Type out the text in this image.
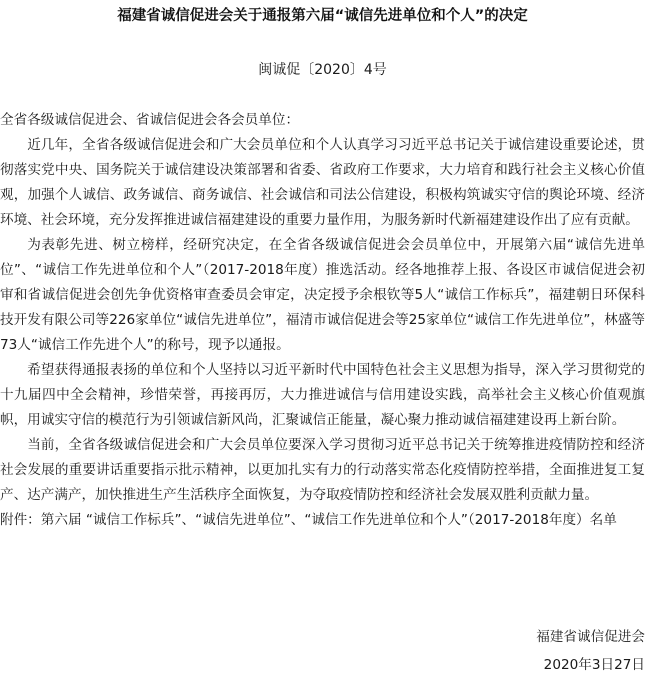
福建省诚信促进会关于通报第六届“诚信先进单位和个人”的决定
闽诚促〔2020〕4号

全省各级诚信促进会、省诚信促进会各会员单位：

近几年，全省各级诚信促进会和广大会员单位和个人认真学习习近平总书记关于诚信建设重要论述，贯彻落实党中央、国务院关于诚信建设决策部署和省委、省政府工作要求，大力培育和践行社会主义核心价值观，加强个人诚信、政务诚信、商务诚信、社会诚信和司法公信建设，积极构筑诚实守信的舆论环境、经济环境、社会环境，充分发挥推进诚信福建建设的重要力量作用，为服务新时代新福建建设作出了应有贡献。

为表彰先进、树立榜样，经研究决定，在全省各级诚信促进会会员单位中，开展第六届“诚信先进单位”、“诚信工作先进单位和个人”（2017-2018年度）推选活动。经各地推荐上报、各设区市诚信促进会初审和省诚信促进会创先争优资格审查委员会审定，决定授予余根钦等5人“诚信工作标兵”，福建朝日环保科技开发有限公司等226家单位“诚信先进单位”，福清市诚信促进会等25家单位“诚信工作先进单位”，林盛等73人“诚信工作先进个人”的称号，现予以通报。

希望获得通报表扬的单位和个人坚持以习近平新时代中国特色社会主义思想为指导，深入学习贯彻党的十九届四中全会精神，珍惜荣誉，再接再厉，大力推进诚信与信用建设实践，高举社会主义核心价值观旗帜，用诚实守信的模范行为引领诚信新风尚，汇聚诚信正能量，凝心聚力推动诚信福建建设再上新台阶。

当前，全省各级诚信促进会和广大会员单位要深入学习贯彻习近平总书记关于统筹推进疫情防控和经济社会发展的重要讲话重要指示批示精神，以更加扎实有力的行动落实常态化疫情防控举措，全面推进复工复产、达产满产，加快推进生产生活秩序全面恢复，为夺取疫情防控和经济社会发展双胜利贡献力量。

附件：第六届 “诚信工作标兵”、“诚信先进单位”、“诚信工作先进单位和个人”（2017-2018年度）名单

福建省诚信促进会
2020年3日27日
